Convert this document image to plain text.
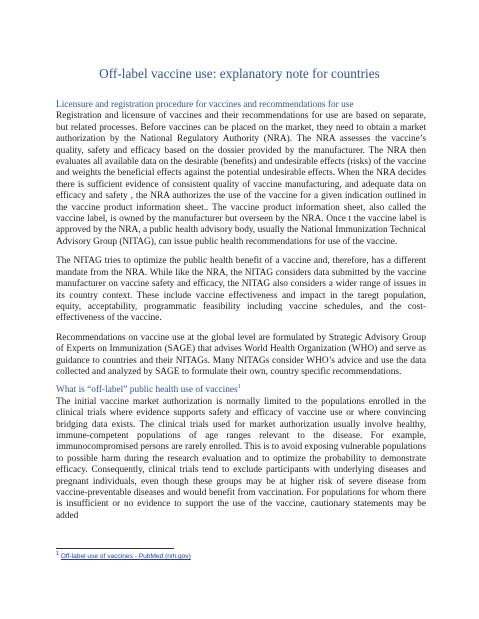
Off-label vaccine use: explanatory note for countries

Licensure and registration procedure for vaccines and recommendations for use

Registration and licensure of vaccines and their recommendations for use are based on separate, but related processes. Before vaccines can be placed on the market, they need to obtain a market authorization by the National Regulatory Authority (NRA). The NRA assesses the vaccine’s quality, safety and efficacy based on the dossier provided by the manufacturer. The NRA then evaluates all available data on the desirable (benefits) and undesirable effects (risks) of the vaccine and weights the beneficial effects against the potential undesirable effects. When the NRA decides there is sufficient evidence of consistent quality of vaccine manufacturing, and adequate data on efficacy and safety , the NRA authorizes the use of the vaccine for a given indication outlined in the vaccine product information sheet.. The vaccine product information sheet, also called the vaccine label, is owned by the manufacturer but overseen by the NRA. Once t the vaccine label is approved by the NRA, a public health advisory body, usually the National Immunization Technical Advisory Group (NITAG), can issue public health recommendations for use of the vaccine.

The NITAG tries to optimize the public health benefit of a vaccine and, therefore, has a different mandate from the NRA. While like the NRA, the NITAG considers data submitted by the vaccine manufacturer on vaccine safety and efficacy, the NITAG also considers a wider range of issues in its country context. These include vaccine effectiveness and impact in the taregt population, equity, acceptability, programmatic feasibility including vaccine schedules, and the cost-effectiveness of the vaccine.

Recommendations on vaccine use at the global level are formulated by Strategic Advisory Group of Experts on Immunization (SAGE) that advises World Health Organization (WHO) and serve as guidance to countries and their NITAGs. Many NITAGs consider WHO’s advice and use the data collected and analyzed by SAGE to formulate their own, country specific recommendations.

What is “off-label” public health use of vaccines$^1$

The initial vaccine market authorization is normally limited to the populations enrolled in the clinical trials where evidence supports safety and efficacy of vaccine use or where convincing bridging data exists. The clinical trials used for market authorization usually involve healthy, immune-competent populations of age ranges relevant to the disease. For example, immunocompromised persons are rarely enrolled. This is to avoid exposing vulnerable populations to possible harm during the research evaluation and to optimize the probability to demonstrate efficacy. Consequently, clinical trials tend to exclude participants with underlying diseases and pregnant individuals, even though these groups may be at higher risk of severe disease from vaccine-preventable diseases and would benefit from vaccination. For populations for whom there is insufficient or no evidence to support the use of the vaccine, cautionary statements may be added

$^1$ Off-label use of vaccines - PubMed (nih.gov)
